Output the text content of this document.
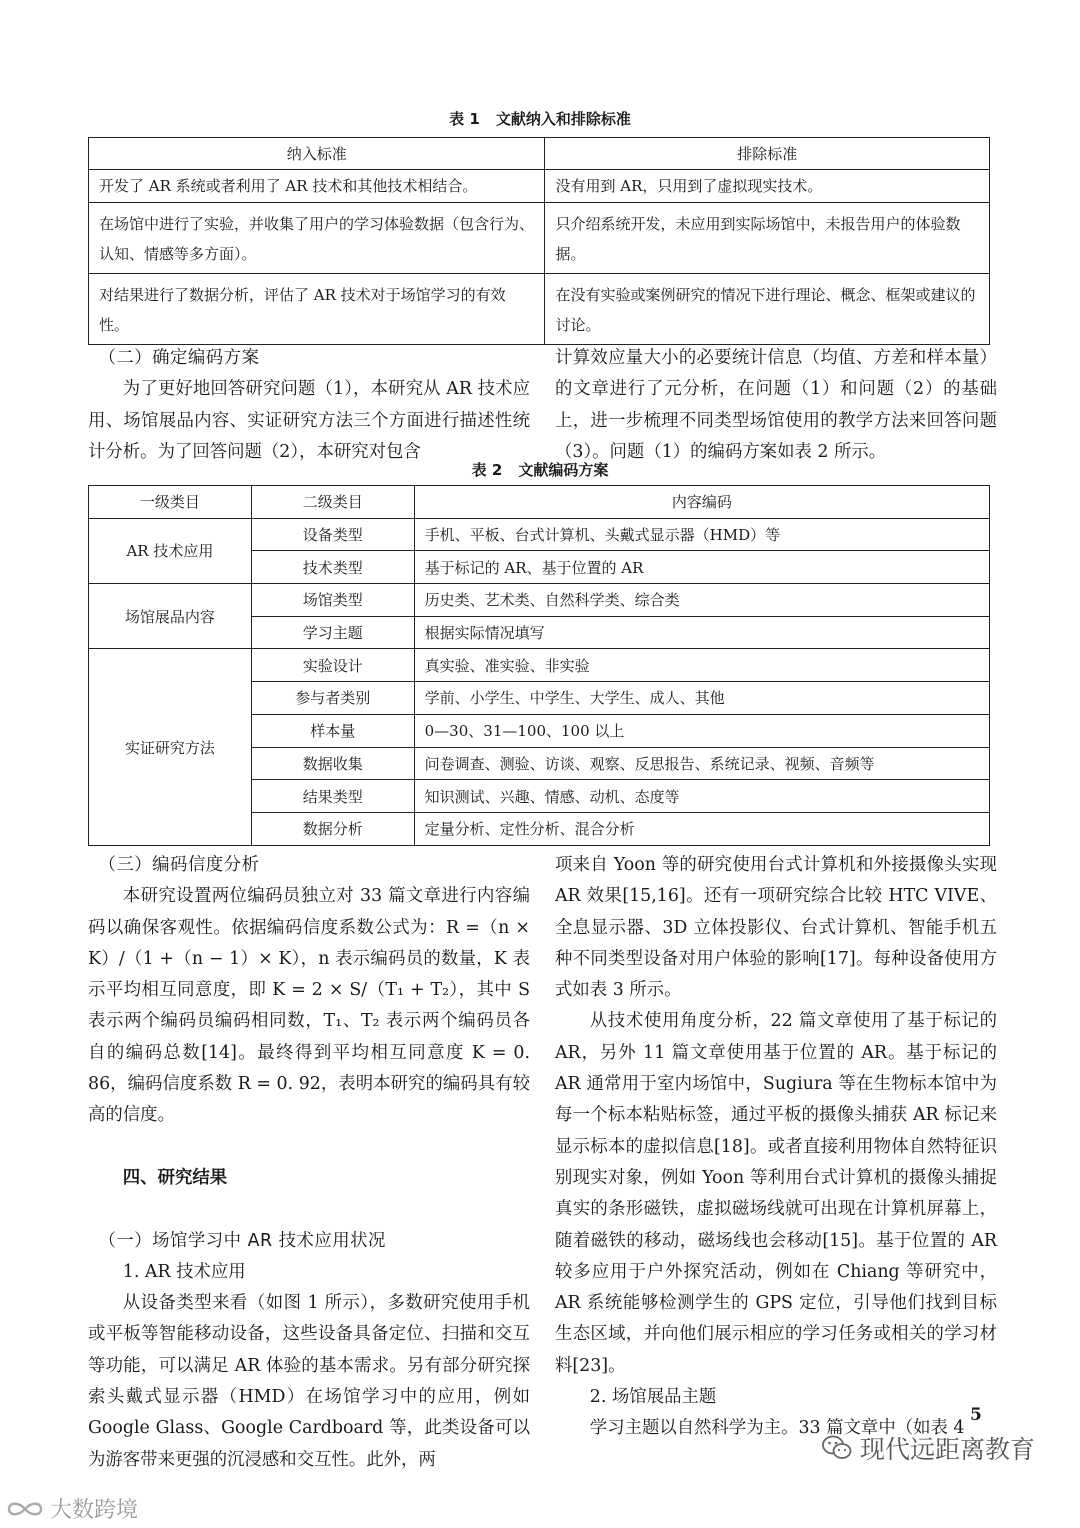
表 1 文献纳入和排除标准
纳入标准	排除标准
开发了 AR 系统或者利用了 AR 技术和其他技术相结合。	没有用到 AR，只用到了虚拟现实技术。
在场馆中进行了实验，并收集了用户的学习体验数据（包含行为、认知、情感等多方面）。	只介绍系统开发，未应用到实际场馆中，未报告用户的体验数据。
对结果进行了数据分析，评估了 AR 技术对于场馆学习的有效性。	在没有实验或案例研究的情况下进行理论、概念、框架或建议的讨论。

（二）确定编码方案

为了更好地回答研究问题（1），本研究从 AR 技术应用、场馆展品内容、实证研究方法三个方面进行描述性统计分析。为了回答问题（2），本研究对包含

计算效应量大小的必要统计信息（均值、方差和样本量）的文章进行了元分析，在问题（1）和问题（2）的基础上，进一步梳理不同类型场馆使用的教学方法来回答问题（3）。问题（1）的编码方案如表 2 所示。

表 2 文献编码方案
一级类目	二级类目	内容编码
AR 技术应用	设备类型	手机、平板、台式计算机、头戴式显示器（HMD）等
	技术类型	基于标记的 AR、基于位置的 AR
场馆展品内容	场馆类型	历史类、艺术类、自然科学类、综合类
	学习主题	根据实际情况填写
实证研究方法	实验设计	真实验、准实验、非实验
	参与者类别	学前、小学生、中学生、大学生、成人、其他
	样本量	0—30、31—100、100 以上
	数据收集	问卷调查、测验、访谈、观察、反思报告、系统记录、视频、音频等
	结果类型	知识测试、兴趣、情感、动机、态度等
	数据分析	定量分析、定性分析、混合分析

（三）编码信度分析

本研究设置两位编码员独立对 33 篇文章进行内容编码以确保客观性。依据编码信度系数公式为：R =（n × K）/（1 +（n − 1）× K），n 表示编码员的数量，K 表示平均相互同意度，即 K = 2 × S/（T₁ + T₂），其中 S 表示两个编码员编码相同数，T₁、T₂ 表示两个编码员各自的编码总数[14]。最终得到平均相互同意度 K = 0. 86，编码信度系数 R = 0. 92，表明本研究的编码具有较高的信度。

四、研究结果

（一）场馆学习中 AR 技术应用状况

1. AR 技术应用

从设备类型来看（如图 1 所示），多数研究使用手机或平板等智能移动设备，这些设备具备定位、扫描和交互等功能，可以满足 AR 体验的基本需求。另有部分研究探索头戴式显示器（HMD）在场馆学习中的应用，例如 Google Glass、Google Cardboard 等，此类设备可以为游客带来更强的沉浸感和交互性。此外，两

项来自 Yoon 等的研究使用台式计算机和外接摄像头实现 AR 效果[15,16]。还有一项研究综合比较 HTC VIVE、全息显示器、3D 立体投影仪、台式计算机、智能手机五种不同类型设备对用户体验的影响[17]。每种设备使用方式如表 3 所示。

从技术使用角度分析，22 篇文章使用了基于标记的 AR，另外 11 篇文章使用基于位置的 AR。基于标记的 AR 通常用于室内场馆中，Sugiura 等在生物标本馆中为每一个标本粘贴标签，通过平板的摄像头捕获 AR 标记来显示标本的虚拟信息[18]。或者直接利用物体自然特征识别现实对象，例如 Yoon 等利用台式计算机的摄像头捕捉真实的条形磁铁，虚拟磁场线就可出现在计算机屏幕上，随着磁铁的移动，磁场线也会移动[15]。基于位置的 AR 较多应用于户外探究活动，例如在 Chiang 等研究中，AR 系统能够检测学生的 GPS 定位，引导他们找到目标生态区域，并向他们展示相应的学习任务或相关的学习材料[23]。

2. 场馆展品主题

学习主题以自然科学为主。33 篇文章中（如表 4

5
现代远距离教育
大数跨境
